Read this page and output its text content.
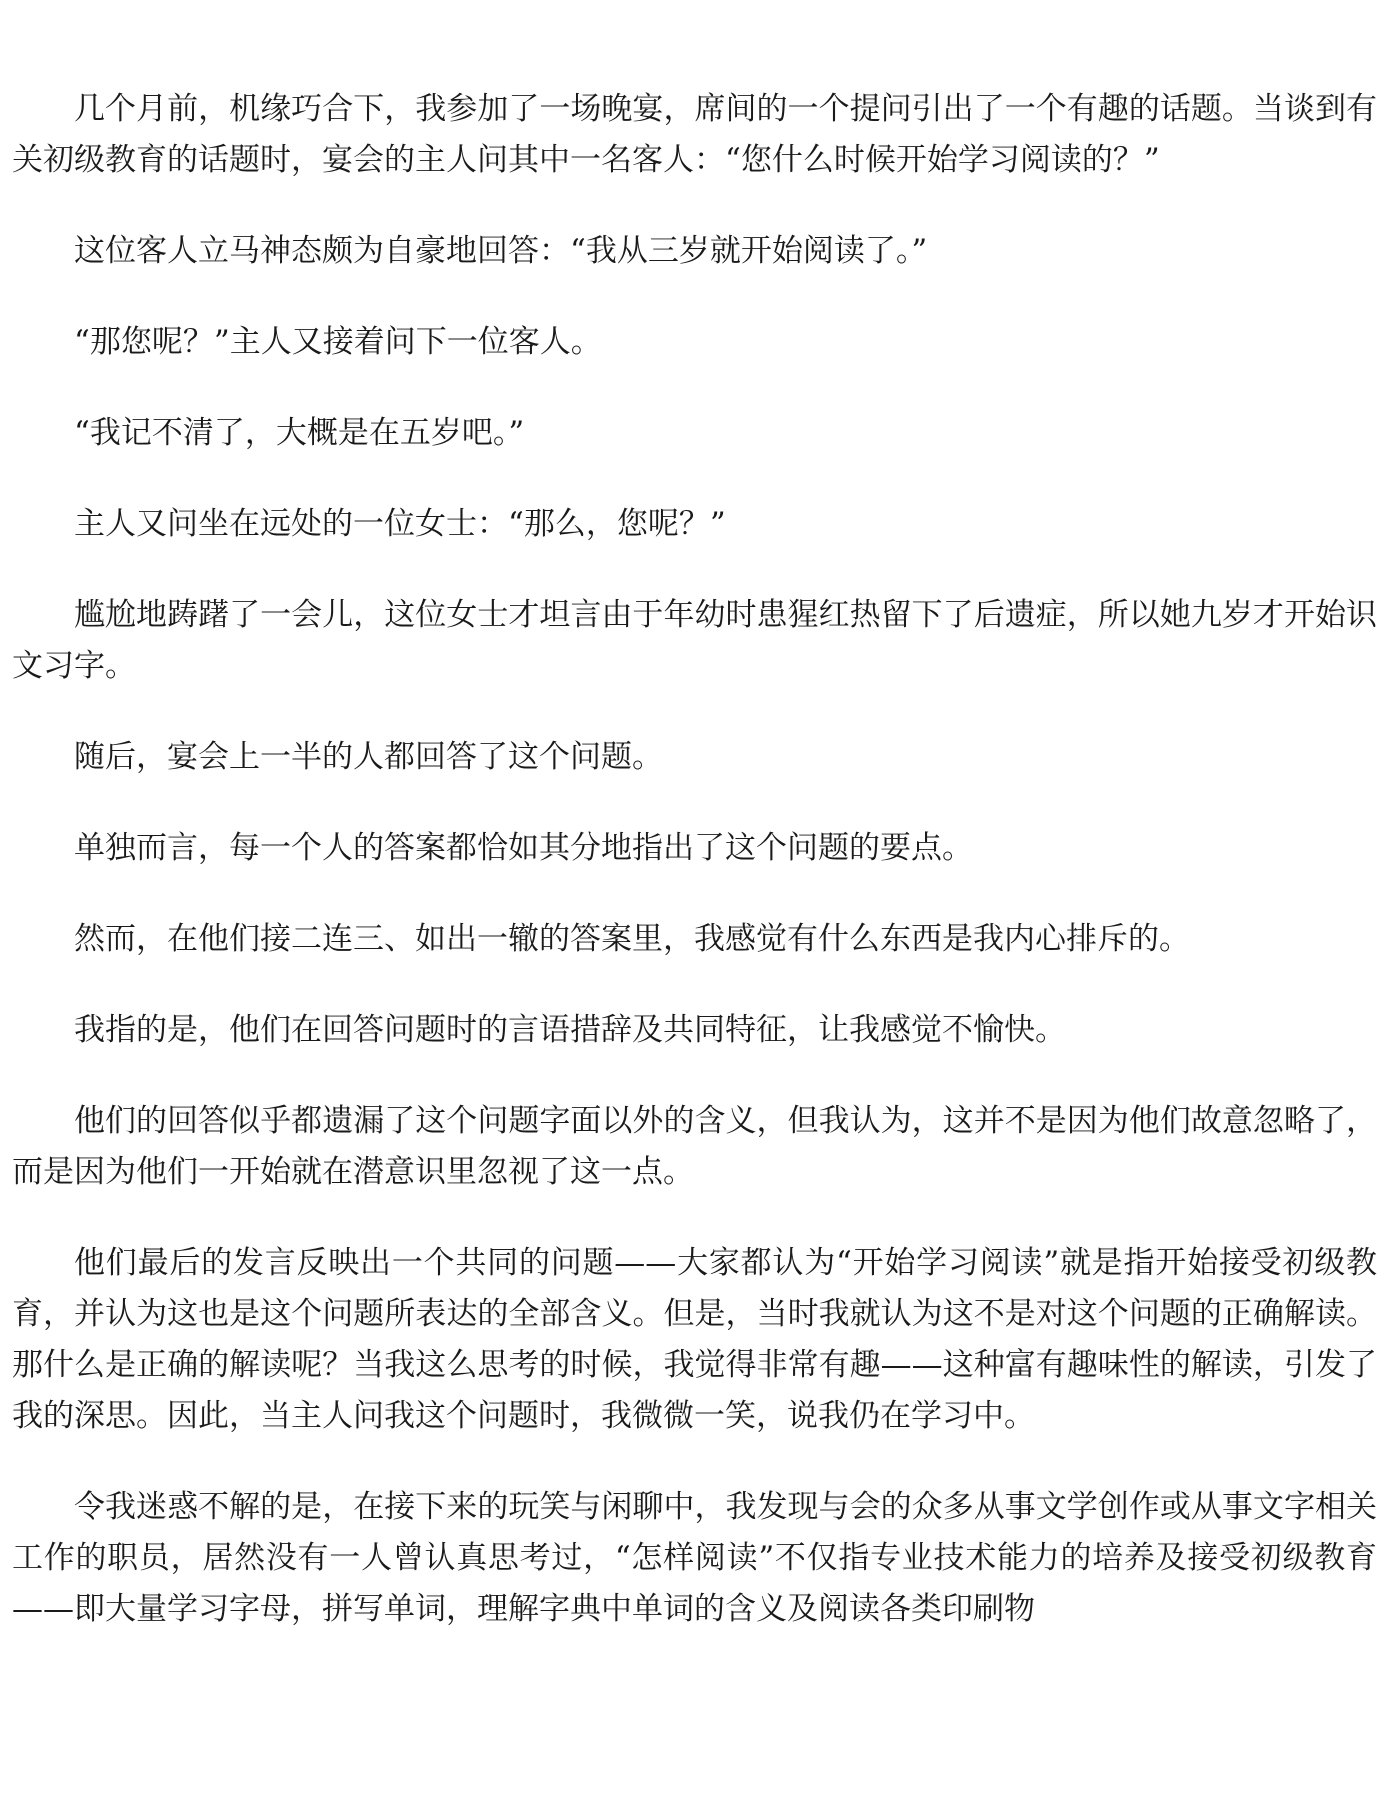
几个月前，机缘巧合下，我参加了一场晚宴，席间的一个提问引出了一个有趣的话题。当谈到有关初级教育的话题时，宴会的主人问其中一名客人：“您什么时候开始学习阅读的？”

这位客人立马神态颇为自豪地回答：“我从三岁就开始阅读了。”

“那您呢？”主人又接着问下一位客人。

“我记不清了，大概是在五岁吧。”

主人又问坐在远处的一位女士：“那么，您呢？”

尴尬地踌躇了一会儿，这位女士才坦言由于年幼时患猩红热留下了后遗症，所以她九岁才开始识文习字。

随后，宴会上一半的人都回答了这个问题。

单独而言，每一个人的答案都恰如其分地指出了这个问题的要点。

然而，在他们接二连三、如出一辙的答案里，我感觉有什么东西是我内心排斥的。

我指的是，他们在回答问题时的言语措辞及共同特征，让我感觉不愉快。

他们的回答似乎都遗漏了这个问题字面以外的含义，但我认为，这并不是因为他们故意忽略了，而是因为他们一开始就在潜意识里忽视了这一点。

他们最后的发言反映出一个共同的问题——大家都认为“开始学习阅读”就是指开始接受初级教育，并认为这也是这个问题所表达的全部含义。但是，当时我就认为这不是对这个问题的正确解读。那什么是正确的解读呢？当我这么思考的时候，我觉得非常有趣——这种富有趣味性的解读，引发了我的深思。因此，当主人问我这个问题时，我微微一笑，说我仍在学习中。

令我迷惑不解的是，在接下来的玩笑与闲聊中，我发现与会的众多从事文学创作或从事文字相关工作的职员，居然没有一人曾认真思考过，“怎样阅读”不仅指专业技术能力的培养及接受初级教育——即大量学习字母，拼写单词，理解字典中单词的含义及阅读各类印刷物
